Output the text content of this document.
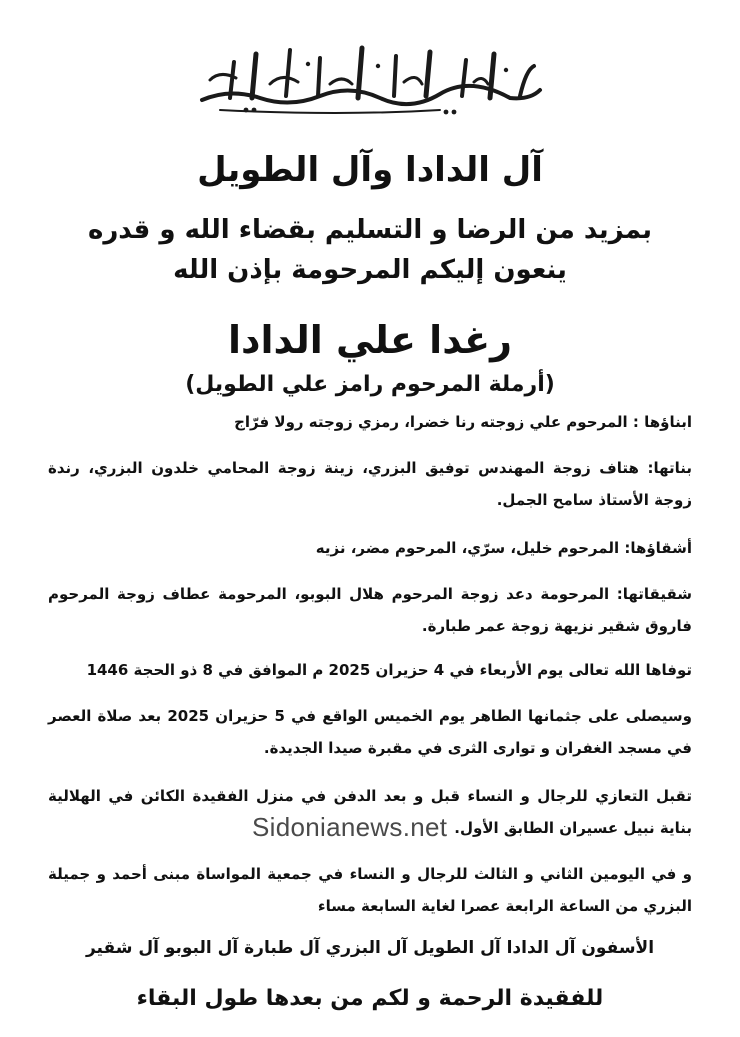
آل الدادا وآل الطويل
بمزيد من الرضا و التسليم بقضاء الله و قدره ينعون إليكم المرحومة بإذن الله
رغدا علي الدادا
(أرملة المرحوم رامز علي الطويل)
ابناؤها : المرحوم علي زوجته رنا خضرا، رمزي زوجته رولا فرّاج
بناتها: هتاف زوجة المهندس توفيق البزري، زينة زوجة المحامي خلدون البزري، رندة زوجة الأستاذ سامح الجمل.
أشقاؤها: المرحوم خليل، سرّي، المرحوم مضر، نزيه
شقيقاتها: المرحومة دعد زوجة المرحوم هلال البوبو، المرحومة عطاف زوجة المرحوم فاروق شقير نزيهة زوجة عمر طبارة.
توفاها الله تعالى يوم الأربعاء في 4 حزيران 2025 م الموافق في 8 ذو الحجة 1446
وسيصلى على جثمانها الطاهر يوم الخميس الواقع في 5 حزيران 2025 بعد صلاة العصر في مسجد الغفران و توارى الثرى في مقبرة صيدا الجديدة.
تقبل التعازي للرجال و النساء قبل و بعد الدفن في منزل الفقيدة الكائن في الهلالية بناية نبيل عسيران الطابق الأول.
و في اليومين الثاني و الثالث للرجال و النساء في جمعية المواساة مبنى أحمد و جميلة البزري من الساعة الرابعة عصرا لغاية السابعة مساء
Sidonianews.net
الأسفون آل الدادا آل الطويل آل البزري آل طبارة آل البوبو آل شقير
للفقيدة الرحمة و لكم من بعدها طول البقاء
